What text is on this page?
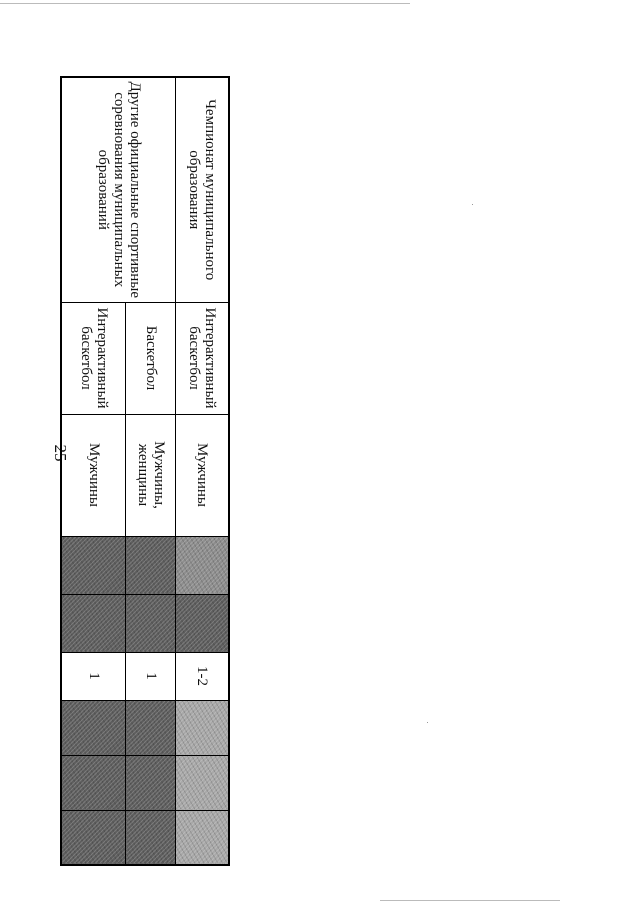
25
Чемпионат муниципального образования	Интерактивный баскетбол	Мужчины			1-2			
Другие официальные спортивные соревнования муниципальных образований	Баскетбол	Мужчины, женщины			1			
	Интерактивный баскетбол	Мужчины			1			
